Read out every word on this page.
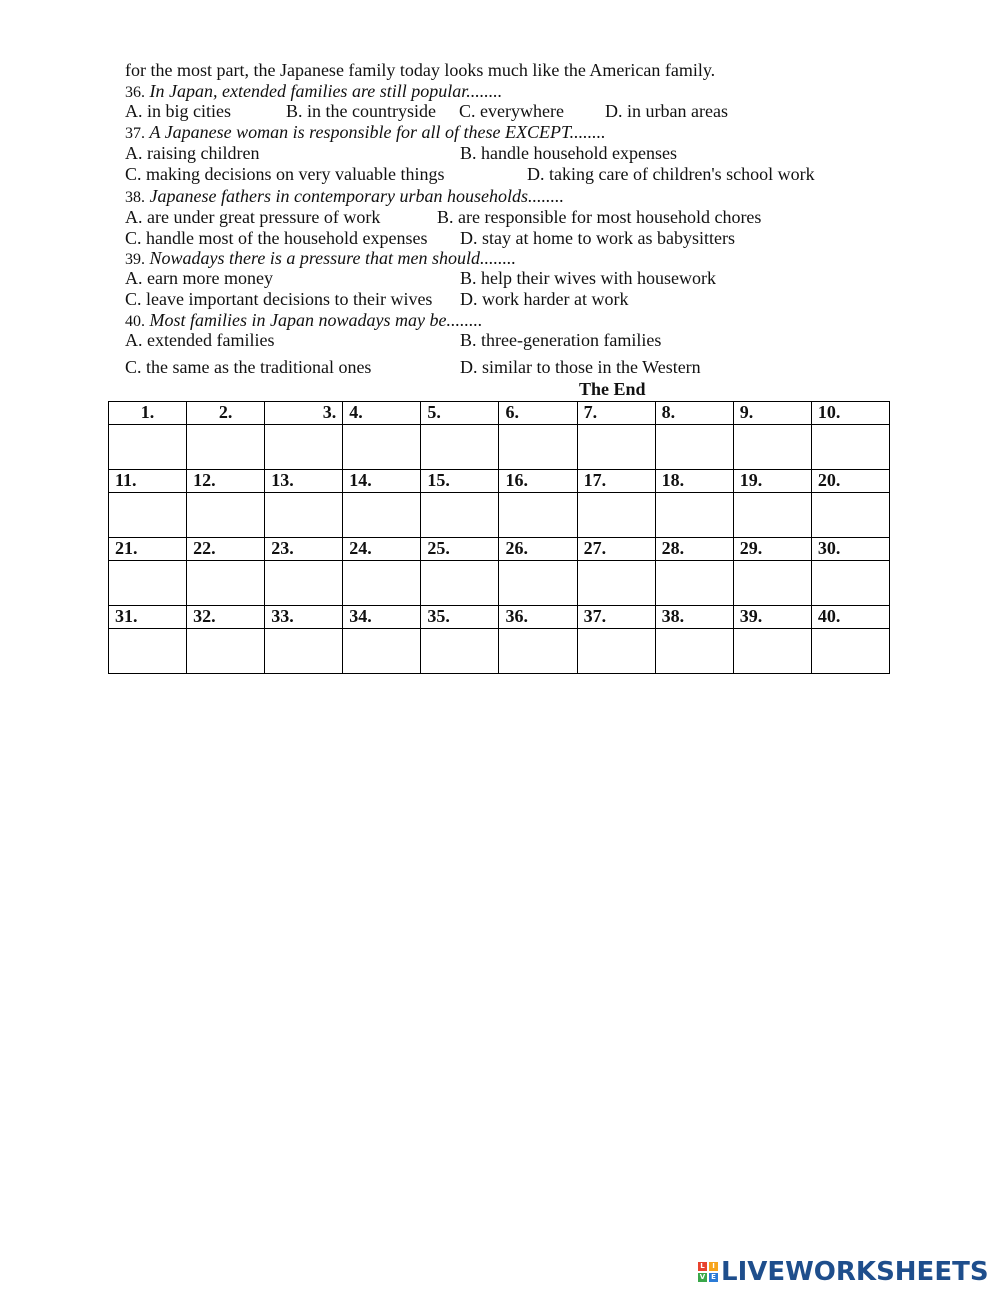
for the most part, the Japanese family today looks much like the American family.
36. In Japan, extended families are still popular........
A. in big cities	B. in the countryside C. everywhere D. in urban areas
37. A Japanese woman is responsible for all of these EXCEPT........
A. raising children	B. handle household expenses
C. making decisions on very valuable things	D. taking care of children's school work
38. Japanese fathers in contemporary urban households........
A. are under great pressure of work	B. are responsible for most household chores
C. handle most of the household expenses D. stay at home to work as babysitters
39. Nowadays there is a pressure that men should........
A. earn more money	B. help their wives with housework
C. leave important decisions to their wives D. work harder at work
40. Most families in Japan nowadays may be........
A. extended families	B. three-generation families
C. the same as the traditional ones	D. similar to those in the Western
The End
1.	2.	3.	4.	5.	6.	7.	8.	9.	10.

11.	12.	13.	14.	15.	16.	17.	18.	19.	20.

21.	22.	23.	24.	25.	26.	27.	28.	29.	30.

31.	32.	33.	34.	35.	36.	37.	38.	39.	40.

L	I
V E LIVEWORKSHEETS
